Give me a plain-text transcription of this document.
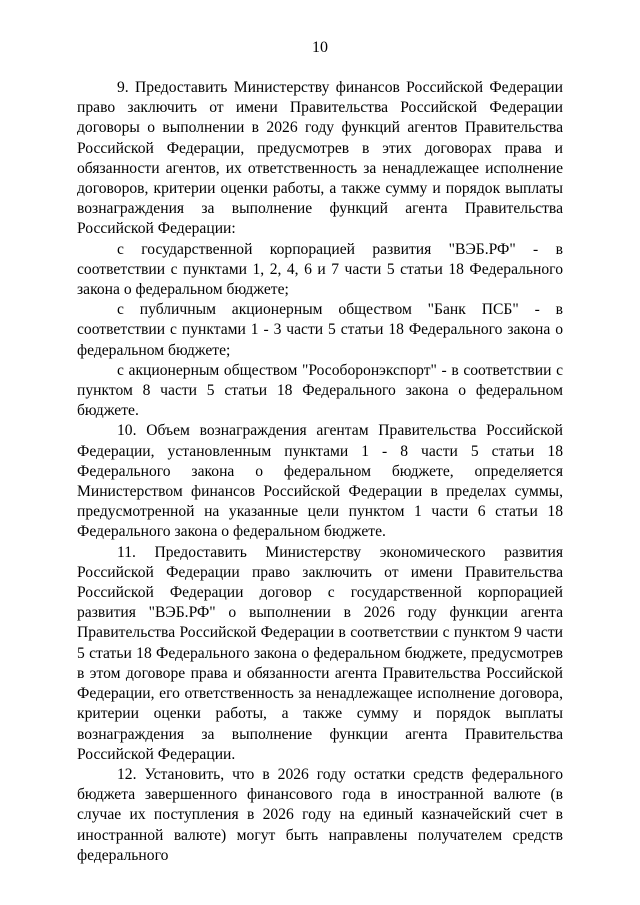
10

9. Предоставить Министерству финансов Российской Федерации право заключить от имени Правительства Российской Федерации договоры о выполнении в 2026 году функций агентов Правительства Российской Федерации, предусмотрев в этих договорах права и обязанности агентов, их ответственность за ненадлежащее исполнение договоров, критерии оценки работы, а также сумму и порядок выплаты вознаграждения за выполнение функций агента Правительства Российской Федерации:

с государственной корпорацией развития "ВЭБ.РФ" - в соответствии с пунктами 1, 2, 4, 6 и 7 части 5 статьи 18 Федерального закона о федеральном бюджете;

с публичным акционерным обществом "Банк ПСБ" - в соответствии с пунктами 1 - 3 части 5 статьи 18 Федерального закона о федеральном бюджете;

с акционерным обществом "Рособоронэкспорт" - в соответствии с пунктом 8 части 5 статьи 18 Федерального закона о федеральном бюджете.

10. Объем вознаграждения агентам Правительства Российской Федерации, установленным пунктами 1 - 8 части 5 статьи 18 Федерального закона о федеральном бюджете, определяется Министерством финансов Российской Федерации в пределах суммы, предусмотренной на указанные цели пунктом 1 части 6 статьи 18 Федерального закона о федеральном бюджете.

11. Предоставить Министерству экономического развития Российской Федерации право заключить от имени Правительства Российской Федерации договор с государственной корпорацией развития "ВЭБ.РФ" о выполнении в 2026 году функции агента Правительства Российской Федерации в соответствии с пунктом 9 части 5 статьи 18 Федерального закона о федеральном бюджете, предусмотрев в этом договоре права и обязанности агента Правительства Российской Федерации, его ответственность за ненадлежащее исполнение договора, критерии оценки работы, а также сумму и порядок выплаты вознаграждения за выполнение функции агента Правительства Российской Федерации.

12. Установить, что в 2026 году остатки средств федерального бюджета завершенного финансового года в иностранной валюте (в случае их поступления в 2026 году на единый казначейский счет в иностранной валюте) могут быть направлены получателем средств федерального
